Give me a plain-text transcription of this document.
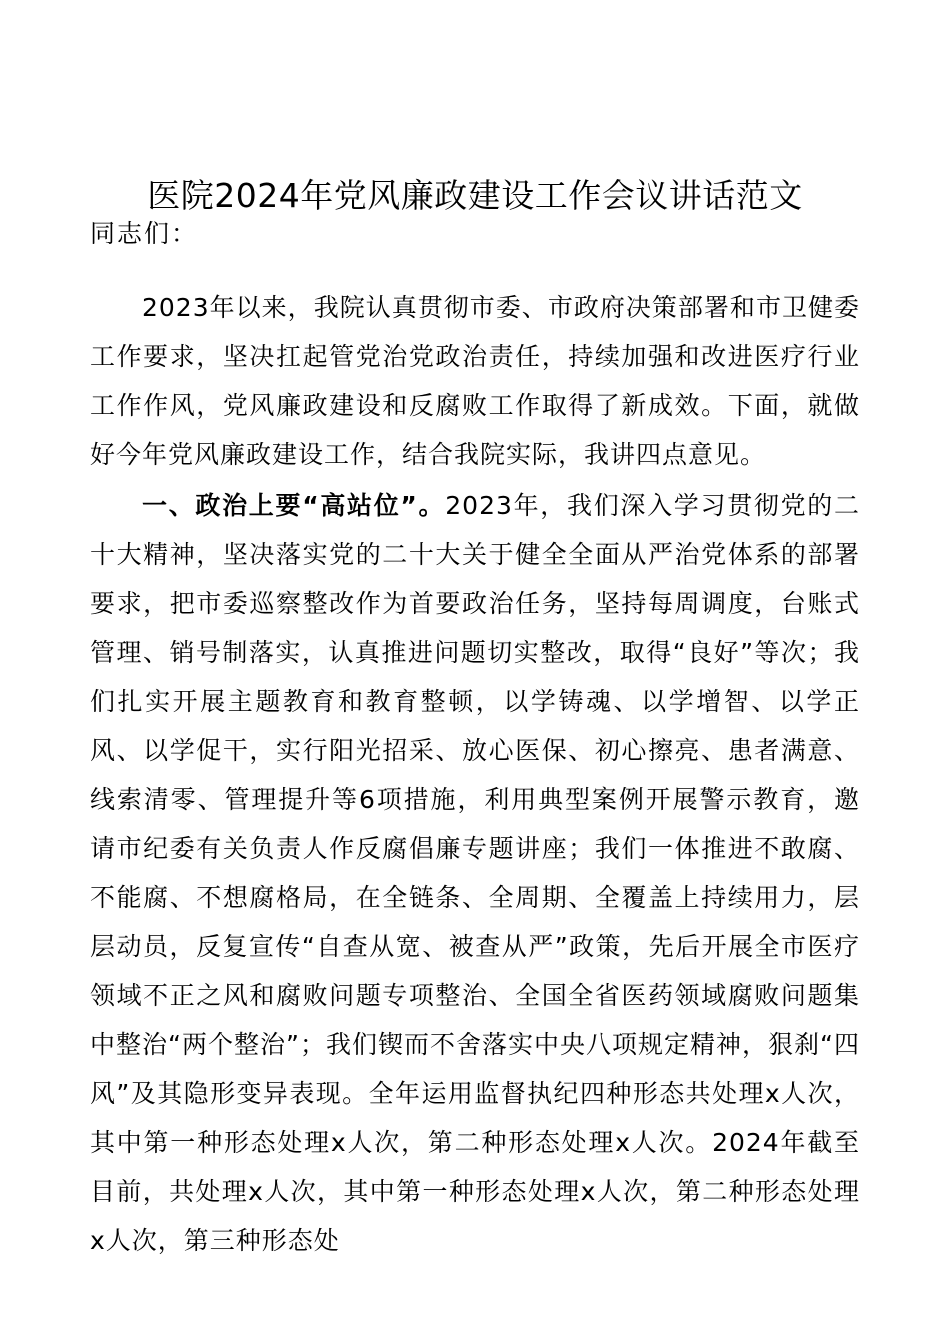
医院2024年党风廉政建设工作会议讲话范文

同志们：

2023年以来，我院认真贯彻市委、市政府决策部署和市卫健委工作要求，坚决扛起管党治党政治责任，持续加强和改进医疗行业工作作风，党风廉政建设和反腐败工作取得了新成效。下面，就做好今年党风廉政建设工作，结合我院实际，我讲四点意见。

一、政治上要“高站位”。2023年，我们深入学习贯彻党的二十大精神，坚决落实党的二十大关于健全全面从严治党体系的部署要求，把市委巡察整改作为首要政治任务，坚持每周调度，台账式管理、销号制落实，认真推进问题切实整改，取得“良好”等次；我们扎实开展主题教育和教育整顿，以学铸魂、以学增智、以学正风、以学促干，实行阳光招采、放心医保、初心擦亮、患者满意、线索清零、管理提升等6项措施，利用典型案例开展警示教育，邀请市纪委有关负责人作反腐倡廉专题讲座；我们一体推进不敢腐、不能腐、不想腐格局，在全链条、全周期、全覆盖上持续用力，层层动员，反复宣传“自查从宽、被查从严”政策，先后开展全市医疗领域不正之风和腐败问题专项整治、全国全省医药领域腐败问题集中整治“两个整治”；我们锲而不舍落实中央八项规定精神，狠刹“四风”及其隐形变异表现。全年运用监督执纪四种形态共处理x人次，其中第一种形态处理x人次，第二种形态处理x人次。2024年截至目前，共处理x人次，其中第一种形态处理x人次，第二种形态处理x人次，第三种形态处
